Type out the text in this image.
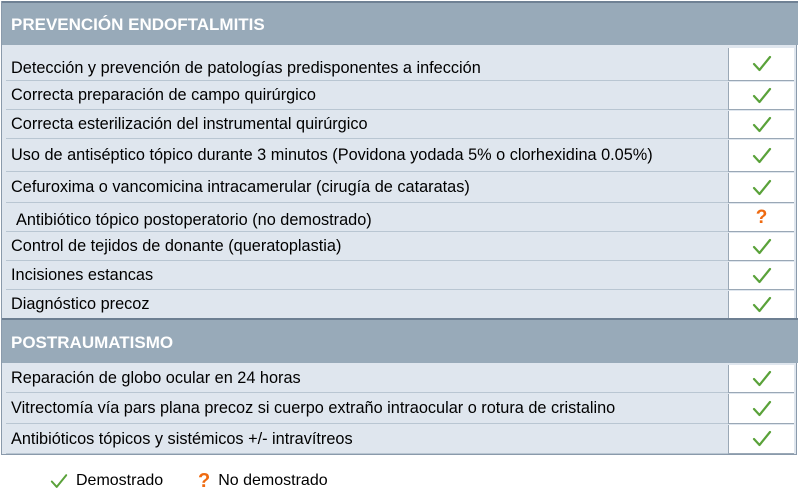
PREVENCIÓN ENDOFTALMITIS
Detección y prevención de patologías predisponentes a infección
Correcta preparación de campo quirúrgico
Correcta esterilización del instrumental quirúrgico
Uso de antiséptico tópico durante 3 minutos (Povidona yodada 5% o clorhexidina 0.05%)
Cefuroxima o vancomicina intracamerular (cirugía de cataratas)
Antibiótico tópico postoperatorio (no demostrado)	?
Control de tejidos de donante (queratoplastia)
Incisiones estancas
Diagnóstico precoz
POSTRAUMATISMO
Reparación de globo ocular en 24 horas
Vitrectomía vía pars plana precoz si cuerpo extraño intraocular o rotura de cristalino
Antibióticos tópicos y sistémicos +/- intravítreos
Demostrado ? No demostrado
